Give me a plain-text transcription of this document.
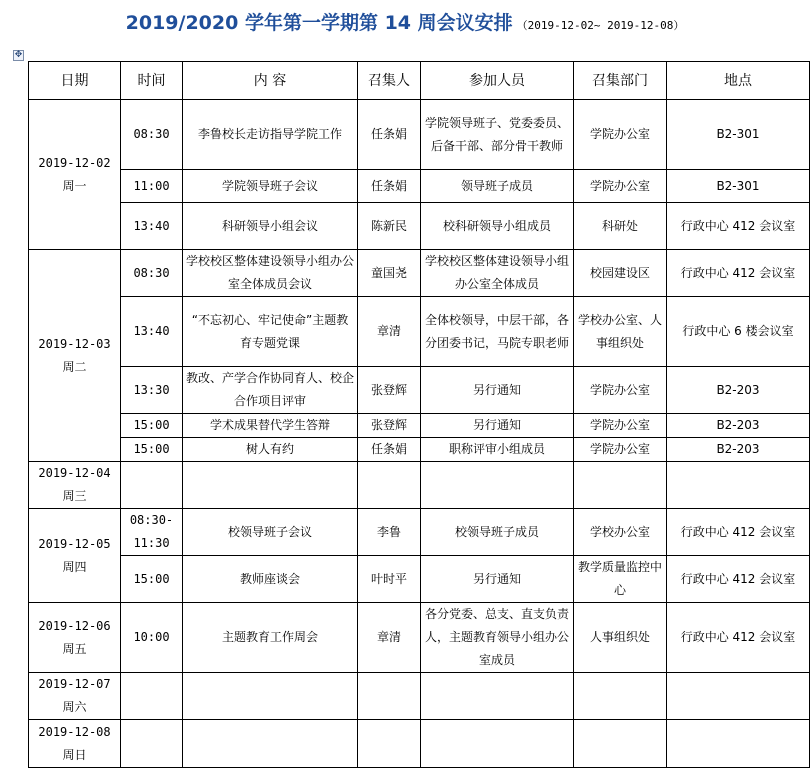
2019/2020 学年第一学期第 14 周会议安排 （2019-12-02~ 2019-12-08）
✥
日期	时间	内 容	召集人	参加人员	召集部门	地点

2019-12-02
周一	08:30	李鲁校长走访指导学院工作	任条娟	学院领导班子、党委委员、后备干部、部分骨干教师	学院办公室	B2-301
	11:00	学院领导班子会议	任条娟	领导班子成员	学院办公室	B2-301
	13:40	科研领导小组会议	陈新民	校科研领导小组成员	科研处	行政中心 412 会议室

2019-12-03
周二	08:30	学校校区整体建设领导小组办公室全体成员会议	童国尧	学校校区整体建设领导小组办公室全体成员	校园建设区	行政中心 412 会议室
	13:40	“不忘初心、牢记使命”主题教育专题党课	章清	全体校领导，中层干部，各分团委书记，马院专职老师	学校办公室、人事组织处	行政中心 6 楼会议室
	13:30	教改、产学合作协同育人、校企合作项目评审	张登辉	另行通知	学院办公室	B2-203
	15:00	学术成果替代学生答辩	张登辉	另行通知	学院办公室	B2-203
	15:00	树人有约	任条娟	职称评审小组成员	学院办公室	B2-203

2019-12-04
周三						

2019-12-05
周四	08:30-11:30	校领导班子会议	李鲁	校领导班子成员	学校办公室	行政中心 412 会议室
	15:00	教师座谈会	叶时平	另行通知	教学质量监控中心	行政中心 412 会议室

2019-12-06
周五	10:00	主题教育工作周会	章清	各分党委、总支、直支负责人，主题教育领导小组办公室成员	人事组织处	行政中心 412 会议室

2019-12-07
周六						

2019-12-08
周日						
